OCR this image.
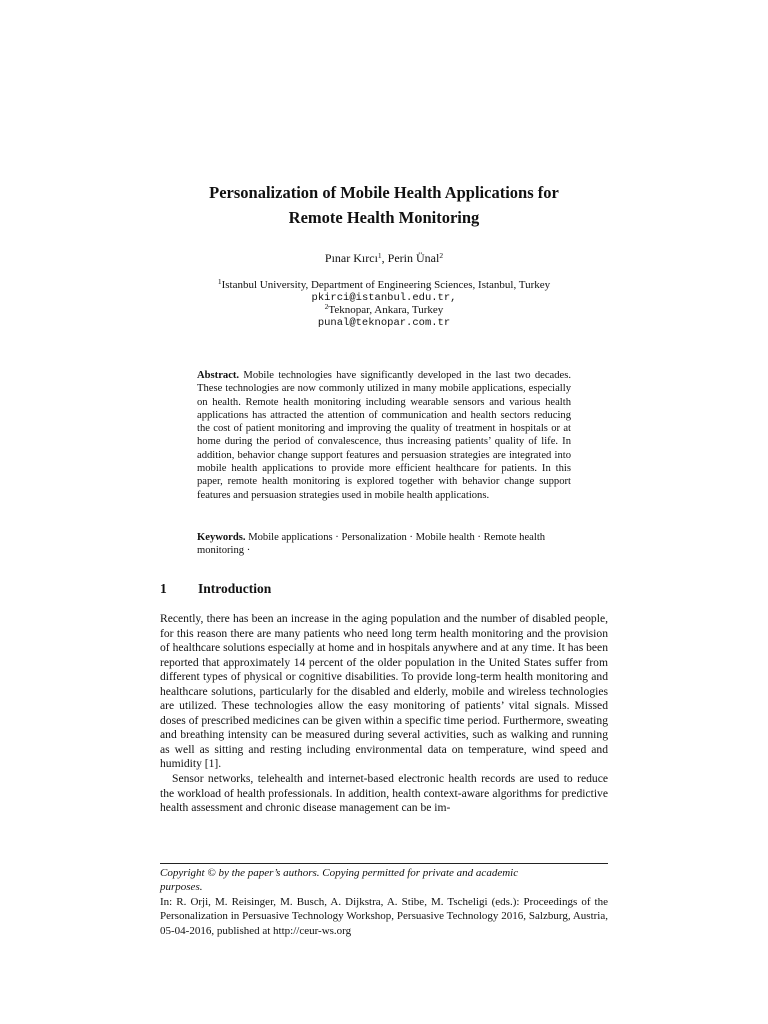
Personalization of Mobile Health Applications for
Remote Health Monitoring
Pınar Kırcı$^1$, Perin Ünal$^2$
$^1$Istanbul University, Department of Engineering Sciences, Istanbul, Turkey
pkirci@istanbul.edu.tr,
$^2$Teknopar, Ankara, Turkey
punal@teknopar.com.tr
Abstract. Mobile technologies have significantly developed in the last two decades. These technologies are now commonly utilized in many mobile applications, especially on health. Remote health monitoring including wearable sensors and various health applications has attracted the attention of communication and health sectors reducing the cost of patient monitoring and improving the quality of treatment in hospitals or at home during the period of convalescence, thus increasing patients’ quality of life. In addition, behavior change support features and persuasion strategies are integrated into mobile health applications to provide more efficient healthcare for patients. In this paper, remote health monitoring is explored together with behavior change support features and persuasion strategies used in mobile health applications.
Keywords. Mobile applications · Personalization · Mobile health · Remote health monitoring ·
1 Introduction

Recently, there has been an increase in the aging population and the number of disabled people, for this reason there are many patients who need long term health monitoring and the provision of healthcare solutions especially at home and in hospitals anywhere and at any time. It has been reported that approximately 14 percent of the older population in the United States suffer from different types of physical or cognitive disabilities. To provide long-term health monitoring and healthcare solutions, particularly for the disabled and elderly, mobile and wireless technologies are utilized. These technologies allow the easy monitoring of patients’ vital signals. Missed doses of prescribed medicines can be given within a specific time period. Furthermore, sweating and breathing intensity can be measured during several activities, such as walking and running as well as sitting and resting including environmental data on temperature, wind speed and humidity [1].

Sensor networks, telehealth and internet-based electronic health records are used to reduce the workload of health professionals. In addition, health context-aware algorithms for predictive health assessment and chronic disease management can be im-

Copyright © by the paper’s authors. Copying permitted for private and academic
purposes.
In: R. Orji, M. Reisinger, M. Busch, A. Dijkstra, A. Stibe, M. Tscheligi (eds.): Proceedings of the Personalization in Persuasive Technology Workshop, Persuasive Technology 2016, Salzburg, Austria, 05-04-2016, published at http://ceur-ws.org
